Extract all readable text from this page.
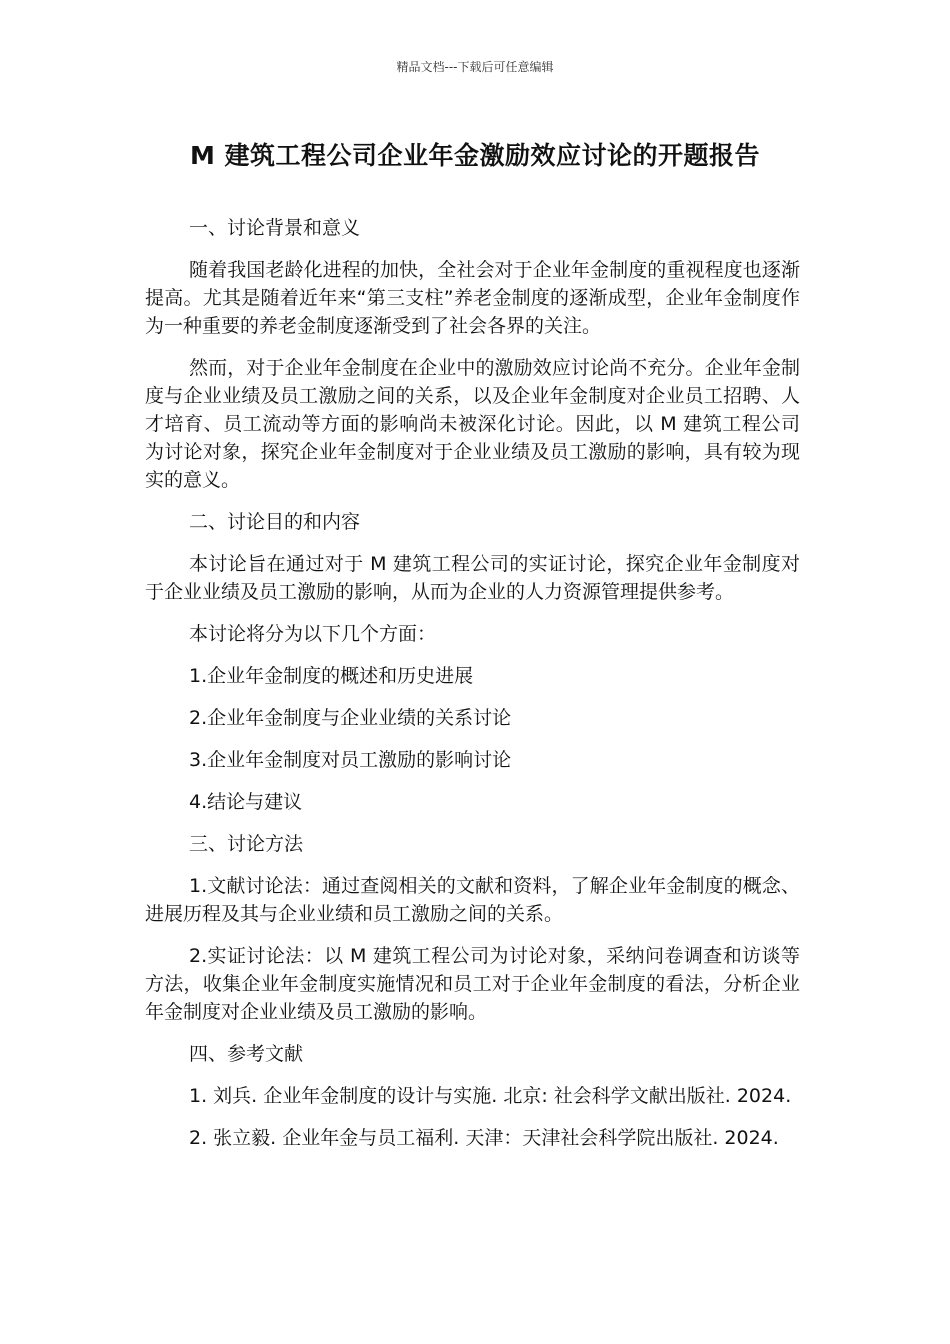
精品文档---下载后可任意编辑
M 建筑工程公司企业年金激励效应讨论的开题报告
一、讨论背景和意义
随着我国老龄化进程的加快，全社会对于企业年金制度的重视程度也逐渐提高。尤其是随着近年来“第三支柱”养老金制度的逐渐成型，企业年金制度作为一种重要的养老金制度逐渐受到了社会各界的关注。
然而，对于企业年金制度在企业中的激励效应讨论尚不充分。企业年金制度与企业业绩及员工激励之间的关系，以及企业年金制度对企业员工招聘、人才培育、员工流动等方面的影响尚未被深化讨论。因此，以 M 建筑工程公司为讨论对象，探究企业年金制度对于企业业绩及员工激励的影响，具有较为现实的意义。
二、讨论目的和内容
本讨论旨在通过对于 M 建筑工程公司的实证讨论，探究企业年金制度对于企业业绩及员工激励的影响，从而为企业的人力资源管理提供参考。
本讨论将分为以下几个方面：
1.企业年金制度的概述和历史进展
2.企业年金制度与企业业绩的关系讨论
3.企业年金制度对员工激励的影响讨论
4.结论与建议
三、讨论方法
1.文献讨论法：通过查阅相关的文献和资料，了解企业年金制度的概念、进展历程及其与企业业绩和员工激励之间的关系。
2.实证讨论法：以 M 建筑工程公司为讨论对象，采纳问卷调查和访谈等方法，收集企业年金制度实施情况和员工对于企业年金制度的看法，分析企业年金制度对企业业绩及员工激励的影响。
四、参考文献
1. 刘兵. 企业年金制度的设计与实施. 北京: 社会科学文献出版社. 2024.
2. 张立毅. 企业年金与员工福利. 天津：天津社会科学院出版社. 2024.
